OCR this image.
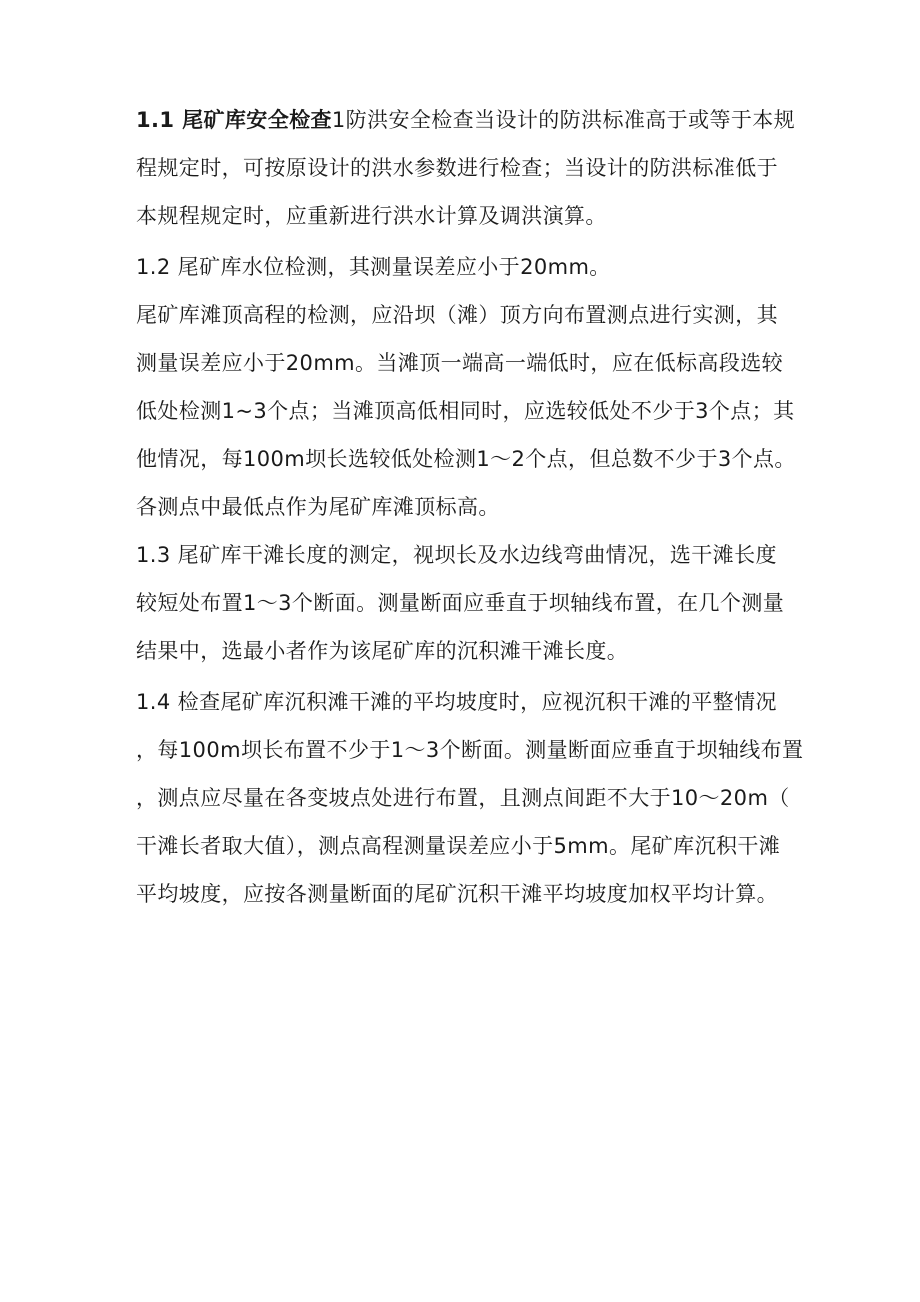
1.1 尾矿库安全检查1防洪安全检查当设计的防洪标准高于或等于本规
程规定时，可按原设计的洪水参数进行检查；当设计的防洪标准低于
本规程规定时，应重新进行洪水计算及调洪演算。
1.2 尾矿库水位检测，其测量误差应小于20mm。
尾矿库滩顶高程的检测，应沿坝（滩）顶方向布置测点进行实测，其
测量误差应小于20mm。当滩顶一端高一端低时，应在低标高段选较
低处检测1~3个点；当滩顶高低相同时，应选较低处不少于3个点；其
他情况，每100m坝长选较低处检测1～2个点，但总数不少于3个点。
各测点中最低点作为尾矿库滩顶标高。
1.3 尾矿库干滩长度的测定，视坝长及水边线弯曲情况，选干滩长度
较短处布置1～3个断面。测量断面应垂直于坝轴线布置，在几个测量
结果中，选最小者作为该尾矿库的沉积滩干滩长度。
1.4 检查尾矿库沉积滩干滩的平均坡度时，应视沉积干滩的平整情况
，每100m坝长布置不少于1～3个断面。测量断面应垂直于坝轴线布置
，测点应尽量在各变坡点处进行布置，且测点间距不大于10～20m（
干滩长者取大值），测点高程测量误差应小于5mm。尾矿库沉积干滩
平均坡度，应按各测量断面的尾矿沉积干滩平均坡度加权平均计算。
